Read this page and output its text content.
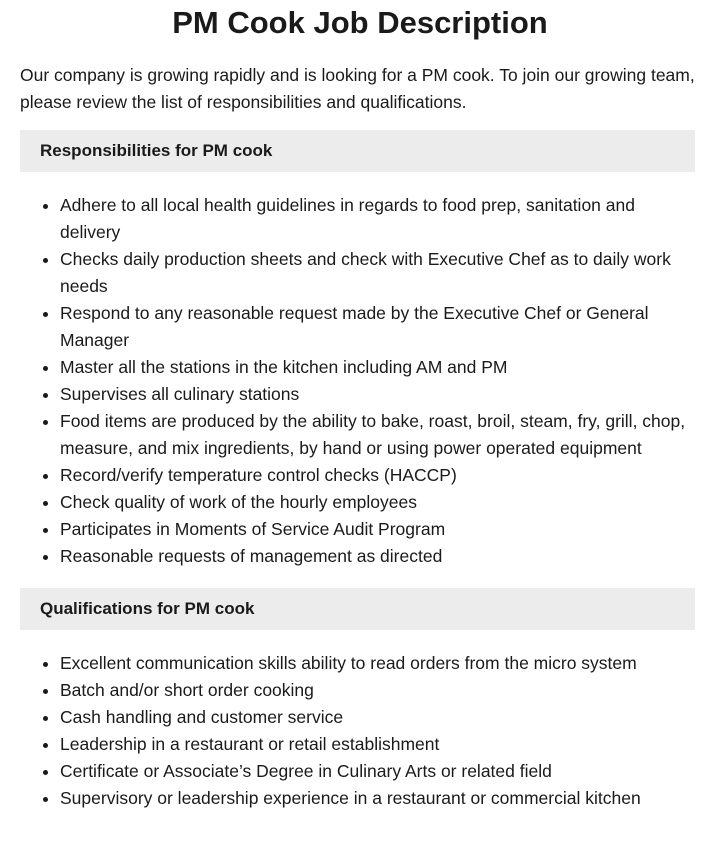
PM Cook Job Description

Our company is growing rapidly and is looking for a PM cook. To join our growing team, please review the list of responsibilities and qualifications.

Responsibilities for PM cook
• Adhere to all local health guidelines in regards to food prep, sanitation and delivery
• Checks daily production sheets and check with Executive Chef as to daily work needs
• Respond to any reasonable request made by the Executive Chef or General Manager
• Master all the stations in the kitchen including AM and PM
• Supervises all culinary stations
• Food items are produced by the ability to bake, roast, broil, steam, fry, grill, chop, measure, and mix ingredients, by hand or using power operated equipment
• Record/verify temperature control checks (HACCP)
• Check quality of work of the hourly employees
• Participates in Moments of Service Audit Program
• Reasonable requests of management as directed
Qualifications for PM cook
• Excellent communication skills ability to read orders from the micro system
• Batch and/or short order cooking
• Cash handling and customer service
• Leadership in a restaurant or retail establishment
• Certificate or Associate’s Degree in Culinary Arts or related field
• Supervisory or leadership experience in a restaurant or commercial kitchen
